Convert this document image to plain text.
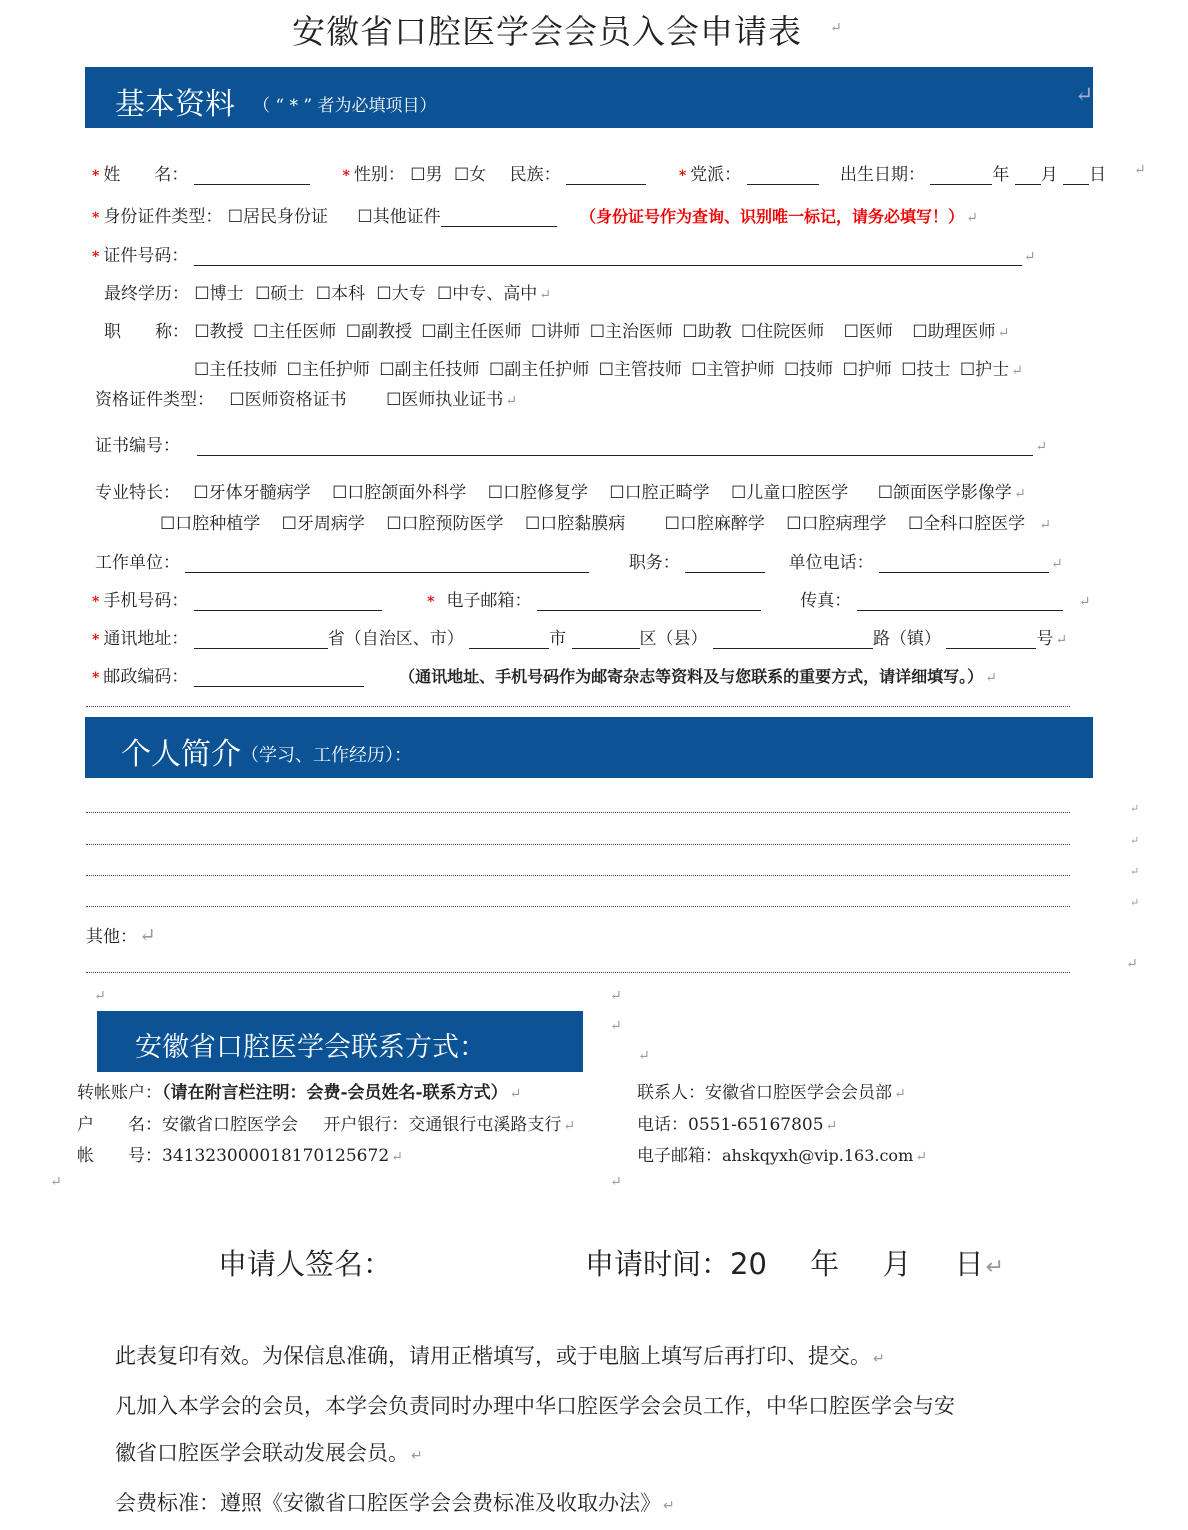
安徽省口腔医学会会员入会申请表 ↵
基本资料 （ “ * ” 者为必填项目）	↵
* 姓　　名：	* 性别： ☐男 ☐女 民族：	* 党派：	出生日期：	年 月 日 ↵
* 身份证件类型： ☐居民身份证 ☐其他证件	（身份证号作为查询、识别唯一标记，请务必填写！） ↵
* 证件号码：	↵
最终学历： ☐博士 ☐硕士 ☐本科 ☐大专 ☐中专、高中 ↵
职　　称： ☐教授 ☐主任医师 ☐副教授 ☐副主任医师 ☐讲师 ☐主治医师 ☐助教 ☐住院医师 ☐医师 ☐助理医师 ↵
☐主任技师 ☐主任护师 ☐副主任技师 ☐副主任护师 ☐主管技师 ☐主管护师 ☐技师 ☐护师 ☐技士 ☐护士 ↵
资格证件类型： ☐医师资格证书 ☐医师执业证书 ↵
证书编号：	↵
专业特长： ☐牙体牙髓病学 ☐口腔颌面外科学 ☐口腔修复学 ☐口腔正畸学 ☐儿童口腔医学 ☐颌面医学影像学 ↵
☐口腔种植学 ☐牙周病学 ☐口腔预防医学 ☐口腔黏膜病 ☐口腔麻醉学 ☐口腔病理学 ☐全科口腔医学 ↵
工作单位：	职务：	单位电话：	↵
* 手机号码：	* 电子邮箱：	传真：	↵
* 通讯地址：	省（自治区、市）	市	区（县）	路（镇）	号 ↵
* 邮政编码：	（通讯地址、手机号码作为邮寄杂志等资料及与您联系的重要方式，请详细填写。） ↵
个人简介 （学习、工作经历）：
↵
↵
↵
↵
其他： ↵
↵
安徽省口腔医学会联系方式：
↵	↵
↵
↵
转帐账户：（请在附言栏注明：会费-会员姓名-联系方式） ↵
户　　名：安徽省口腔医学会 开户银行：交通银行屯溪路支行 ↵
帐　　号：341323000018170125672 ↵
联系人：安徽省口腔医学会会员部 ↵
电话：0551-65167805 ↵
电子邮箱：ahskqyxh@vip.163.com ↵
↵	↵
申请人签名：	申请时间：20 年 月 日↵
此表复印有效。为保信息准确，请用正楷填写，或于电脑上填写后再打印、提交。 ↵
凡加入本学会的会员，本学会负责同时办理中华口腔医学会会员工作，中华口腔医学会与安
徽省口腔医学会联动发展会员。 ↵
会费标准：遵照《安徽省口腔医学会会费标准及收取办法》 ↵
